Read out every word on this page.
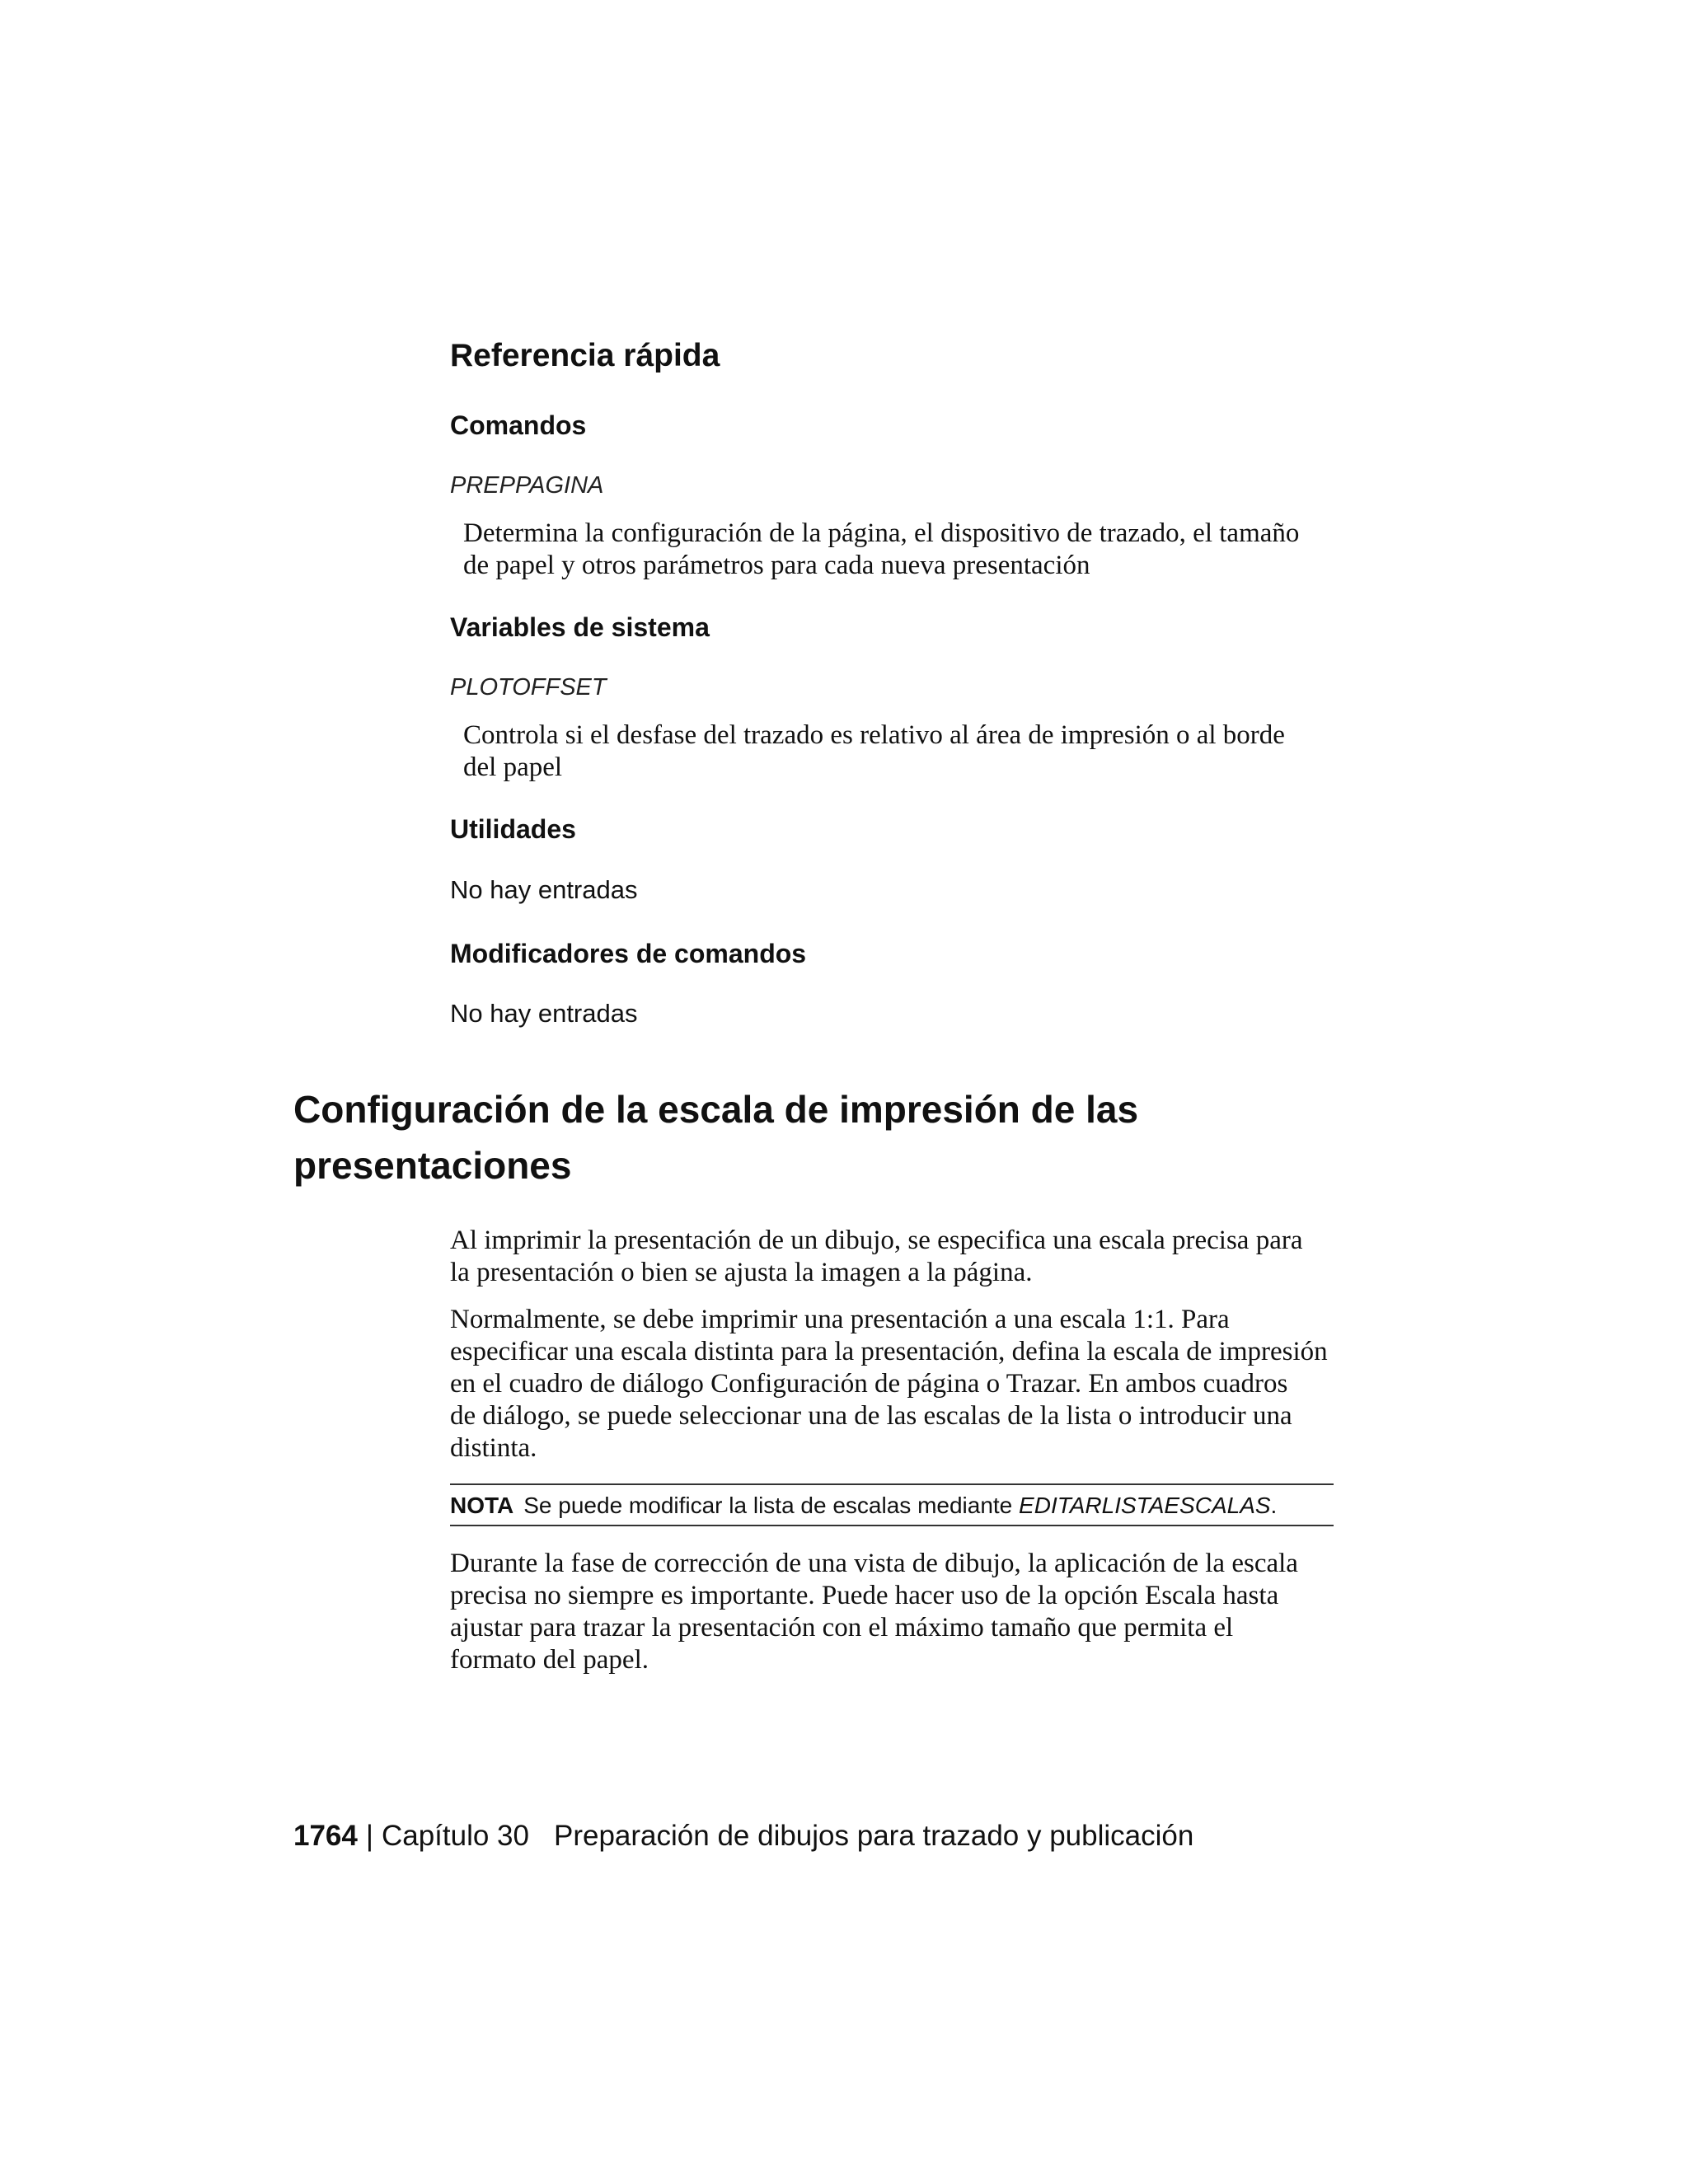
Referencia rápida
Comandos
PREPPAGINA
Determina la configuración de la página, el dispositivo de trazado, el tamaño
de papel y otros parámetros para cada nueva presentación
Variables de sistema
PLOTOFFSET
Controla si el desfase del trazado es relativo al área de impresión o al borde
del papel
Utilidades
No hay entradas
Modificadores de comandos
No hay entradas
Configuración de la escala de impresión de las
presentaciones
Al imprimir la presentación de un dibujo, se especifica una escala precisa para
la presentación o bien se ajusta la imagen a la página.
Normalmente, se debe imprimir una presentación a una escala 1:1. Para
especificar una escala distinta para la presentación, defina la escala de impresión
en el cuadro de diálogo Configuración de página o Trazar. En ambos cuadros
de diálogo, se puede seleccionar una de las escalas de la lista o introducir una
distinta.
NOTA Se puede modificar la lista de escalas mediante EDITARLISTAESCALAS.
Durante la fase de corrección de una vista de dibujo, la aplicación de la escala
precisa no siempre es importante. Puede hacer uso de la opción Escala hasta
ajustar para trazar la presentación con el máximo tamaño que permita el
formato del papel.
1764 | Capítulo 30 Preparación de dibujos para trazado y publicación
